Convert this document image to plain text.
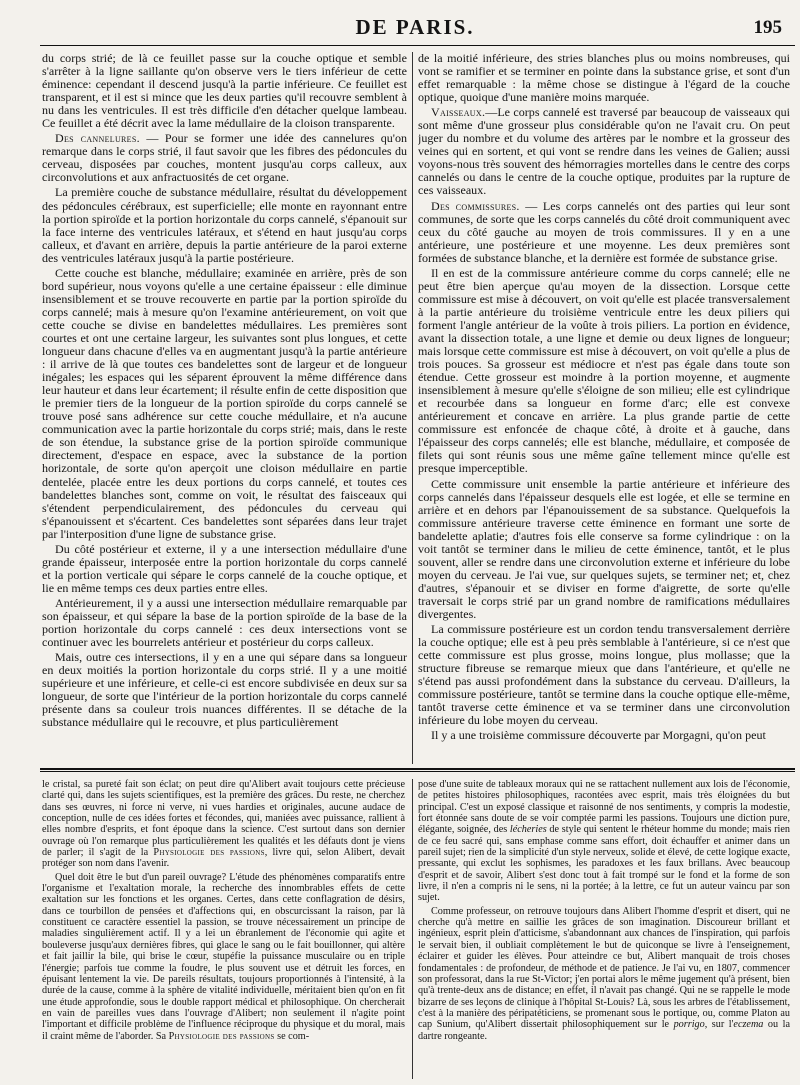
DE PARIS.	195

du corps strié; de là ce feuillet passe sur la couche optique et semble s'arrêter à la ligne saillante qu'on observe vers le tiers inférieur de cette éminence: cependant il descend jusqu'à la partie inférieure. Ce feuillet est transparent, et il est si mince que les deux parties qu'il recouvre semblent à nu dans les ventricules. Il est très difficile d'en détacher quelque lambeau. Ce feuillet a été décrit avec la lame médullaire de la cloison transparente.

Des cannelures. — Pour se former une idée des cannelures qu'on remarque dans le corps strié, il faut savoir que les fibres des pédoncules du cerveau, disposées par couches, montent jusqu'au corps calleux, aux circonvolutions et aux anfractuosités de cet organe.

La première couche de substance médullaire, résultat du développement des pédoncules cérébraux, est superficielle; elle monte en rayonnant entre la portion spiroïde et la portion horizontale du corps cannelé, s'épanouit sur la face interne des ventricules latéraux, et s'étend en haut jusqu'au corps calleux, et d'avant en arrière, depuis la partie antérieure de la paroi externe des ventricules latéraux jusqu'à la partie postérieure.

Cette couche est blanche, médullaire; examinée en arrière, près de son bord supérieur, nous voyons qu'elle a une certaine épaisseur : elle diminue insensiblement et se trouve recouverte en partie par la portion spiroïde du corps cannelé; mais à mesure qu'on l'examine antérieurement, on voit que cette couche se divise en bandelettes médullaires. Les premières sont courtes et ont une certaine largeur, les suivantes sont plus longues, et cette longueur dans chacune d'elles va en augmentant jusqu'à la partie antérieure : il arrive de là que toutes ces bandelettes sont de largeur et de longueur inégales; les espaces qui les séparent éprouvent la même différence dans leur hauteur et dans leur écartement; il résulte enfin de cette disposition que le premier tiers de la longueur de la portion spiroïde du corps cannelé se trouve posé sans adhérence sur cette couche médullaire, et n'a aucune communication avec la partie horizontale du corps strié; mais, dans le reste de son étendue, la substance grise de la portion spiroïde communique directement, d'espace en espace, avec la substance de la portion horizontale, de sorte qu'on aperçoit une cloison médullaire en partie dentelée, placée entre les deux portions du corps cannelé, et toutes ces bandelettes blanches sont, comme on voit, le résultat des faisceaux qui s'étendent perpendiculairement, des pédoncules du cerveau qui s'épanouissent et s'écartent. Ces bandelettes sont séparées dans leur trajet par l'interposition d'une ligne de substance grise.

Du côté postérieur et externe, il y a une intersection médullaire d'une grande épaisseur, interposée entre la portion horizontale du corps cannelé et la portion verticale qui sépare le corps cannelé de la couche optique, et lie en même temps ces deux parties entre elles.

Antérieurement, il y a aussi une intersection médullaire remarquable par son épaisseur, et qui sépare la base de la portion spiroïde de la base de la portion horizontale du corps cannelé : ces deux intersections vont se continuer avec les bourrelets antérieur et postérieur du corps calleux.

Mais, outre ces intersections, il y en a une qui sépare dans sa longueur en deux moitiés la portion horizontale du corps strié. Il y a une moitié supérieure et une inférieure, et celle-ci est encore subdivisée en deux sur sa longueur, de sorte que l'intérieur de la portion horizontale du corps cannelé présente dans sa couleur trois nuances différentes. Il se détache de la substance médullaire qui le recouvre, et plus particulièrement

de la moitié inférieure, des stries blanches plus ou moins nombreuses, qui vont se ramifier et se terminer en pointe dans la substance grise, et sont d'un effet remarquable : la même chose se distingue à l'égard de la couche optique, quoique d'une manière moins marquée.

Vaisseaux.—Le corps cannelé est traversé par beaucoup de vaisseaux qui sont même d'une grosseur plus considérable qu'on ne l'avait cru. On peut juger du nombre et du volume des artères par le nombre et la grosseur des veines qui en sortent, et qui vont se rendre dans les veines de Galien; aussi voyons-nous très souvent des hémorragies mortelles dans le centre des corps cannelés ou dans le centre de la couche optique, produites par la rupture de ces vaisseaux.

Des commissures. — Les corps cannelés ont des parties qui leur sont communes, de sorte que les corps cannelés du côté droit communiquent avec ceux du côté gauche au moyen de trois commissures. Il y en a une antérieure, une postérieure et une moyenne. Les deux premières sont formées de substance blanche, et la dernière est formée de substance grise.

Il en est de la commissure antérieure comme du corps cannelé; elle ne peut être bien aperçue qu'au moyen de la dissection. Lorsque cette commissure est mise à découvert, on voit qu'elle est placée transversalement à la partie antérieure du troisième ventricule entre les deux piliers qui forment l'angle antérieur de la voûte à trois piliers. La portion en évidence, avant la dissection totale, a une ligne et demie ou deux lignes de longueur; mais lorsque cette commissure est mise à découvert, on voit qu'elle a plus de trois pouces. Sa grosseur est médiocre et n'est pas égale dans toute son étendue. Cette grosseur est moindre à la portion moyenne, et augmente insensiblement à mesure qu'elle s'éloigne de son milieu; elle est cylindrique et recourbée dans sa longueur en forme d'arc; elle est convexe antérieurement et concave en arrière. La plus grande partie de cette commissure est enfoncée de chaque côté, à droite et à gauche, dans l'épaisseur des corps cannelés; elle est blanche, médullaire, et composée de filets qui sont réunis sous une même gaîne tellement mince qu'elle est presque imperceptible.

Cette commissure unit ensemble la partie antérieure et inférieure des corps cannelés dans l'épaisseur desquels elle est logée, et elle se termine en arrière et en dehors par l'épanouissement de sa substance. Quelquefois la commissure antérieure traverse cette éminence en formant une sorte de bandelette aplatie; d'autres fois elle conserve sa forme cylindrique : on la voit tantôt se terminer dans le milieu de cette éminence, tantôt, et le plus souvent, aller se rendre dans une circonvolution externe et inférieure du lobe moyen du cerveau. Je l'ai vue, sur quelques sujets, se terminer net; et, chez d'autres, s'épanouir et se diviser en forme d'aigrette, de sorte qu'elle traversait le corps strié par un grand nombre de ramifications médullaires divergentes.

La commissure postérieure est un cordon tendu transversalement derrière la couche optique; elle est à peu près semblable à l'antérieure, si ce n'est que cette commissure est plus grosse, moins longue, plus mollasse; que la structure fibreuse se remarque mieux que dans l'antérieure, et qu'elle ne s'étend pas aussi profondément dans la substance du cerveau. D'ailleurs, la commissure postérieure, tantôt se termine dans la couche optique elle-même, tantôt traverse cette éminence et va se terminer dans une circonvolution inférieure du lobe moyen du cerveau.

Il y a une troisième commissure découverte par Morgagni, qu'on peut

le cristal, sa pureté fait son éclat; on peut dire qu'Alibert avait toujours cette précieuse clarté qui, dans les sujets scientifiques, est la première des grâces. Du reste, ne cherchez dans ses œuvres, ni force ni verve, ni vues hardies et originales, aucune audace de conception, nulle de ces idées fortes et fécondes, qui, maniées avec puissance, rallient à elles nombre d'esprits, et font époque dans la science. C'est surtout dans son dernier ouvrage où l'on remarque plus particulièrement les qualités et les défauts dont je viens de parler; il s'agit de la Physiologie des passions, livre qui, selon Alibert, devait protéger son nom dans l'avenir.

Quel doit être le but d'un pareil ouvrage? L'étude des phénomènes comparatifs entre l'organisme et l'exaltation morale, la recherche des innombrables effets de cette exaltation sur les fonctions et les organes. Certes, dans cette conflagration de désirs, dans ce tourbillon de pensées et d'affections qui, en obscurcissant la raison, par là constituent ce caractère essentiel la passion, se trouve nécessairement un principe de maladies singulièrement actif. Il y a lei un ébranlement de l'économie qui agite et bouleverse jusqu'aux dernières fibres, qui glace le sang ou le fait bouillonner, qui altère et fait jaillir la bile, qui brise le cœur, stupéfie la puissance musculaire ou en triple l'énergie; parfois tue comme la foudre, le plus souvent use et détruit les forces, en épuisant lentement la vie. De pareils résultats, toujours proportionnés à l'intensité, à la durée de la cause, comme à la sphère de vitalité individuelle, méritaient bien qu'on en fit une étude approfondie, sous le double rapport médical et philosophique. On chercherait en vain de pareilles vues dans l'ouvrage d'Alibert; non seulement il n'agite point l'important et difficile problème de l'influence réciproque du physique et du moral, mais il craint même de l'aborder. Sa Physiologie des passions se com-

pose d'une suite de tableaux moraux qui ne se rattachent nullement aux lois de l'économie, de petites histoires philosophiques, racontées avec esprit, mais très éloignées du but principal. C'est un exposé classique et raisonné de nos sentiments, y compris la modestie, fort étonnée sans doute de se voir comptée parmi les passions. Toujours une diction pure, élégante, soignée, des lécheries de style qui sentent le rhéteur homme du monde; mais rien de ce feu sacré qui, sans emphase comme sans effort, doit échauffer et animer dans un pareil sujet; rien de la simplicité d'un style nerveux, solide et élevé, de cette logique exacte, pressante, qui exclut les sophismes, les paradoxes et les faux brillans. Avec beaucoup d'esprit et de savoir, Alibert s'est donc tout à fait trompé sur le fond et la forme de son livre, il n'en a compris ni le sens, ni la portée; à la lettre, ce fut un auteur vaincu par son sujet.

Comme professeur, on retrouve toujours dans Alibert l'homme d'esprit et disert, qui ne cherche qu'à mettre en saillie les grâces de son imagination. Discoureur brillant et ingénieux, esprit plein d'atticisme, s'abandonnant aux chances de l'inspiration, qui parfois le servait bien, il oubliait complètement le but de quiconque se livre à l'enseignement, éclairer et guider les élèves. Pour atteindre ce but, Alibert manquait de trois choses fondamentales : de profondeur, de méthode et de patience. Je l'ai vu, en 1807, commencer son professorat, dans la rue St-Victor; j'en portai alors le même jugement qu'à présent, bien qu'à trente-deux ans de distance; en effet, il n'avait pas changé. Qui ne se rappelle le mode bizarre de ses leçons de clinique à l'hôpital St-Louis? Là, sous les arbres de l'établissement, c'est à la manière des péripatéticiens, se promenant sous le portique, ou, comme Platon au cap Sunium, qu'Alibert dissertait philosophiquement sur le porrigo, sur l'eczema ou la dartre rongeante.
